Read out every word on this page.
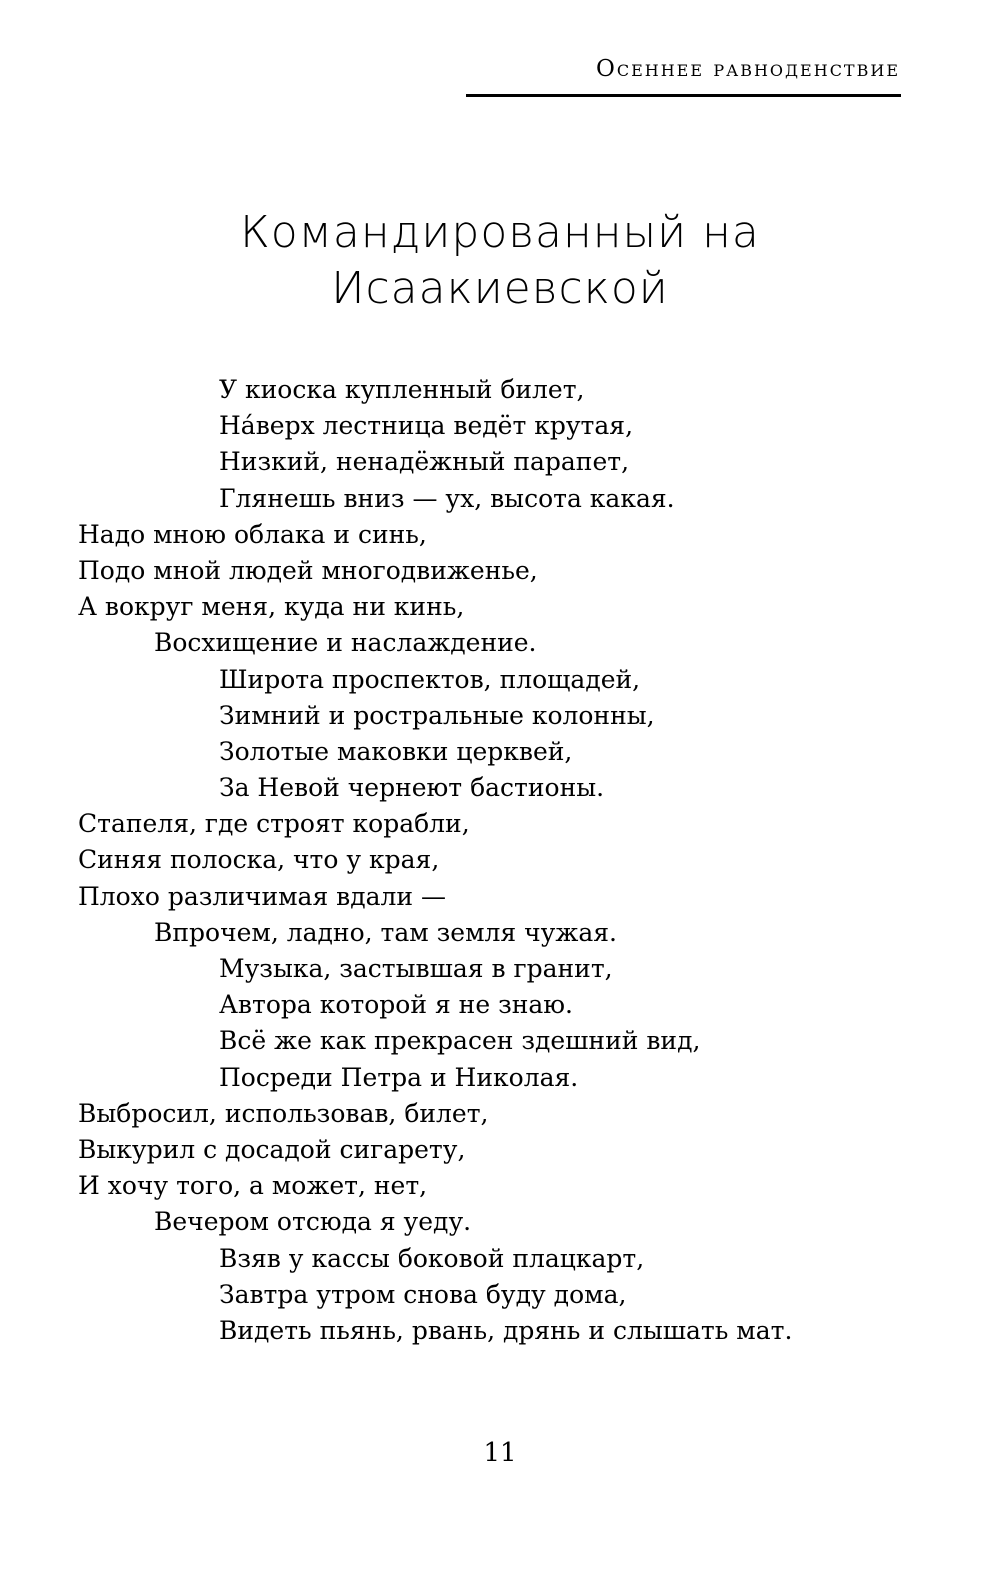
Осеннее равноденствие
Командированный на
Исаакиевской
У киоска купленный билет,
На́верх лестница ведёт крутая,
Низкий, ненадёжный парапет,
Глянешь вниз — ух, высота какая.
Надо мною облака и синь,
Подо мной людей многодвиженье,
А вокруг меня, куда ни кинь,
Восхищение и наслаждение.
Широта проспектов, площадей,
Зимний и ростральные колонны,
Золотые маковки церквей,
За Невой чернеют бастионы.
Стапеля, где строят корабли,
Синяя полоска, что у края,
Плохо различимая вдали —
Впрочем, ладно, там земля чужая.
Музыка, застывшая в гранит,
Автора которой я не знаю.
Всё же как прекрасен здешний вид,
Посреди Петра и Николая.
Выбросил, использовав, билет,
Выкурил с досадой сигарету,
И хочу того, а может, нет,
Вечером отсюда я уеду.
Взяв у кассы боковой плацкарт,
Завтра утром снова буду дома,
Видеть пьянь, рвань, дрянь и слышать мат.
11
